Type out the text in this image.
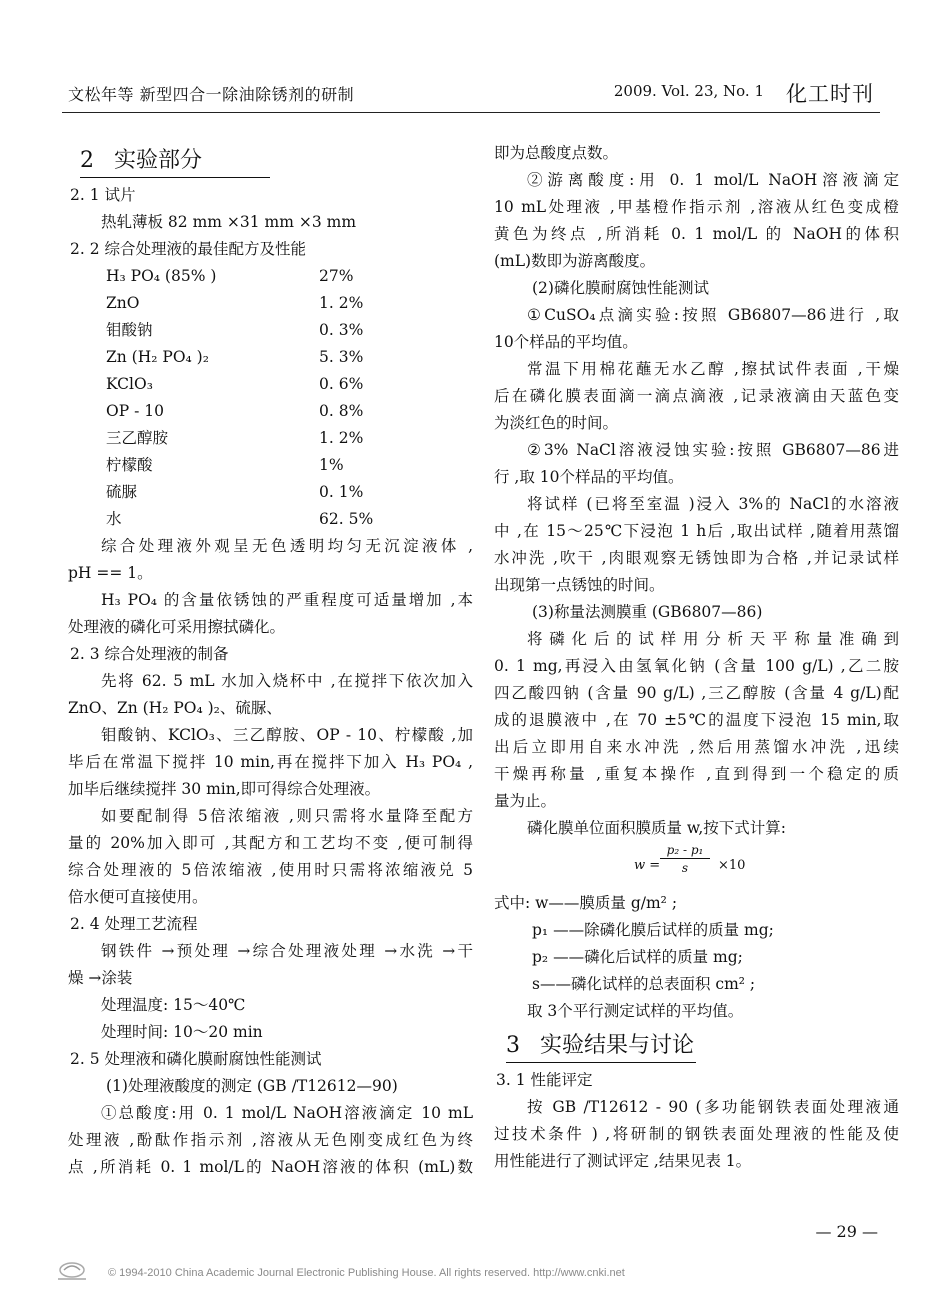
文松年等 新型四合一除油除锈剂的研制	2009. Vol. 23, No. 1 化工时刊
2 实验部分
2. 1 试片
热轧薄板 82 mm ×31 mm ×3 mm
2. 2 综合处理液的最佳配方及性能
H₃ PO₄ (85% )	27%
ZnO	1. 2%
钼酸钠	0. 3%
Zn (H₂ PO₄ )₂	5. 3%
KClO₃	0. 6%
OP - 10	0. 8%
三乙醇胺	1. 2%
柠檬酸	1%
硫脲	0. 1%
水	62. 5%
综合处理液外观呈无色透明均匀无沉淀液体 ,
pH == 1。
H₃ PO₄ 的含量依锈蚀的严重程度可适量增加 ,本
处理液的磷化可采用擦拭磷化。
2. 3 综合处理液的制备
先将 62. 5 mL 水加入烧杯中 ,在搅拌下依次加入
ZnO、Zn (H₂ PO₄ )₂、硫脲、
钼酸钠、KClO₃、三乙醇胺、OP - 10、柠檬酸 ,加
毕后在常温下搅拌 10 min,再在搅拌下加入 H₃ PO₄ ,
加毕后继续搅拌 30 min,即可得综合处理液。
如要配制得 5倍浓缩液 ,则只需将水量降至配方
量的 20%加入即可 ,其配方和工艺均不变 ,便可制得
综合处理液的 5倍浓缩液 ,使用时只需将浓缩液兑 5
倍水便可直接使用。
2. 4 处理工艺流程
钢铁件 →预处理 →综合处理液处理 →水洗 →干
燥 →涂装
处理温度: 15～40℃
处理时间: 10～20 min
2. 5 处理液和磷化膜耐腐蚀性能测试
(1)处理液酸度的测定 (GB /T12612—90)
①总酸度:用 0. 1 mol/L NaOH溶液滴定 10 mL
处理液 ,酚酞作指示剂 ,溶液从无色刚变成红色为终
点 ,所消耗 0. 1 mol/L的 NaOH溶液的体积 (mL)数
即为总酸度点数。
②游离酸度:用 0. 1 mol/L NaOH溶液滴定
10 mL处理液 ,甲基橙作指示剂 ,溶液从红色变成橙
黄色为终点 ,所消耗 0. 1 mol/L 的 NaOH的体积
(mL)数即为游离酸度。
(2)磷化膜耐腐蚀性能测试
①CuSO₄点滴实验:按照 GB6807—86进行 ,取
10个样品的平均值。
常温下用棉花蘸无水乙醇 ,擦拭试件表面 ,干燥
后在磷化膜表面滴一滴点滴液 ,记录液滴由天蓝色变
为淡红色的时间。
②3% NaCl溶液浸蚀实验:按照 GB6807—86进
行 ,取 10个样品的平均值。
将试样 (已将至室温 )浸入 3%的 NaCl的水溶液
中 ,在 15～25℃下浸泡 1 h后 ,取出试样 ,随着用蒸馏
水冲洗 ,吹干 ,肉眼观察无锈蚀即为合格 ,并记录试样
出现第一点锈蚀的时间。
(3)称量法测膜重 (GB6807—86)
将磷化后的试样用分析天平称量准确到
0. 1 mg,再浸入由氢氧化钠 (含量 100 g/L) ,乙二胺
四乙酸四钠 (含量 90 g/L) ,三乙醇胺 (含量 4 g/L)配
成的退膜液中 ,在 70 ±5℃的温度下浸泡 15 min,取
出后立即用自来水冲洗 ,然后用蒸馏水冲洗 ,迅续
干燥再称量 ,重复本操作 ,直到得到一个稳定的质
量为止。
磷化膜单位面积膜质量 w,按下式计算:
$w = \frac{\text{p₂ - p₁}}{s} \times 10$
式中: w——膜质量 g/m² ;
p₁ ——除磷化膜后试样的质量 mg;
p₂ ——磷化后试样的质量 mg;
s——磷化试样的总表面积 cm² ;
取 3个平行测定试样的平均值。
3 实验结果与讨论
3. 1 性能评定
按 GB /T12612 - 90 (多功能钢铁表面处理液通
过技术条件 ) ,将研制的钢铁表面处理液的性能及使
用性能进行了测试评定 ,结果见表 1。
— 29 —
© 1994-2010 China Academic Journal Electronic Publishing House. All rights reserved. http://www.cnki.net
